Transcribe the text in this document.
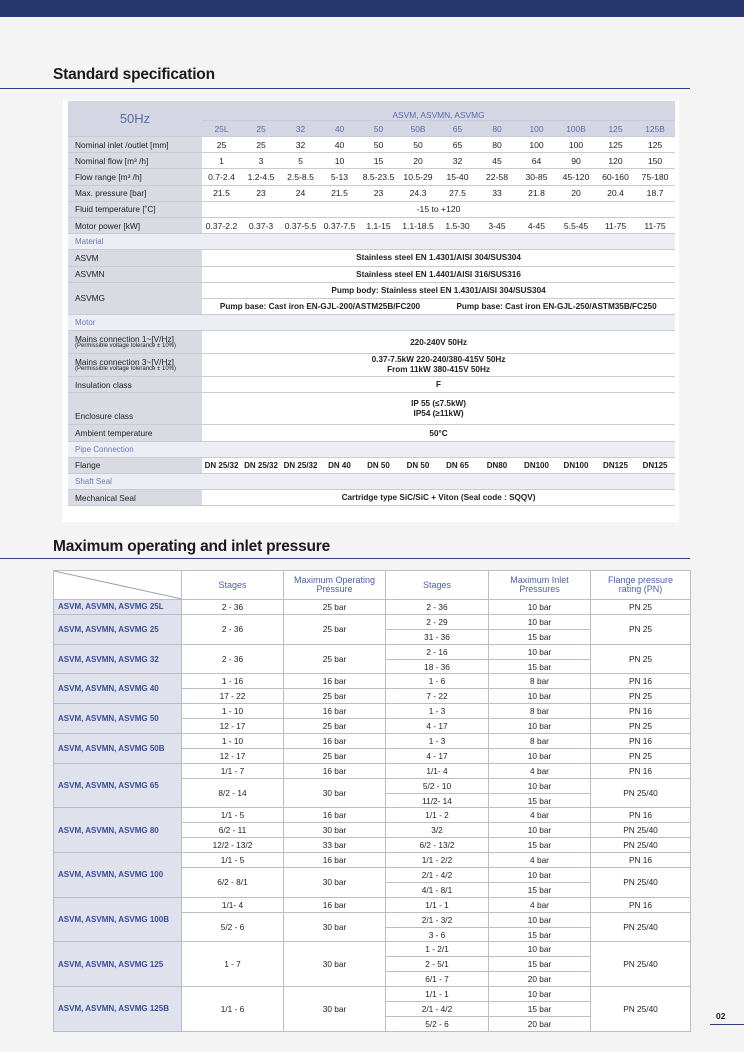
Standard specification
50Hz	ASVM, ASVMN, ASVMG											
	25L	25	32	40	50	50B	65	80	100	100B	125	125B
Nominal inlet /outlet [mm]	25	25	32	40	50	50	65	80	100	100	125	125
Nominal flow [m³ /h]	1	3	5	10	15	20	32	45	64	90	120	150
Flow range [m³ /h]	0.7-2.4	1.2-4.5	2.5-8.5	5-13	8.5-23.5	10.5-29	15-40	22-58	30-85	45-120	60-160	75-180
Max. pressure [bar]	21.5	23	24	21.5	23	24.3	27.5	33	21.8	20	20.4	18.7
Fluid temperature [˚C]	-15 to +120											
Motor power [kW]	0.37-2.2	0.37-3	0.37-5.5	0.37-7.5	1.1-15	1.1-18.5	1.5-30	3-45	4-45	5.5-45	11-75	11-75
Material												
ASVM	Stainless steel EN 1.4301/AISI 304/SUS304											
ASVMN	Stainless steel EN 1.4401/AISI 316/SUS316											
ASVMG	Pump body: Stainless steel EN 1.4301/AISI 304/SUS304											
	Pump base: Cast iron EN-GJL-200/ASTM25B/FC200						Pump base: Cast iron EN-GJL-250/ASTM35B/FC250					
Motor												
Mains connection 1~[V/Hz]
(Permissible voltage tolerance ± 10%)	220-240V 50Hz											
Mains connection 3~[V/Hz]
(Permissible voltage tolerance ± 10%)	0.37-7.5kW 220-240/380-415V 50Hz
From 11kW 380-415V 50Hz											
Insulation class	F											
Enclosure class	IP 55 (≤7.5kW)
IP54 (≥11kW)											
Ambient temperature	50°C											
Pipe Connection												
Flange	DN 25/32	DN 25/32	DN 25/32	DN 40	DN 50	DN 50	DN 65	DN80	DN100	DN100	DN125	DN125
Shaft Seal												
Mechanical Seal	Cartridge type SiC/SiC + Viton (Seal code : SQQV)											
Maximum operating and inlet pressure
	Stages	Maximum Operating
Pressure	Stages	Maximum Inlet
Pressures	Flange pressure
rating (PN)
ASVM, ASVMN, ASVMG 25L	2 - 36	25 bar	2 - 36	10 bar	PN 25
ASVM, ASVMN, ASVMG 25	2 - 36	25 bar	2 - 29	10 bar	PN 25
			31 - 36	15 bar	
ASVM, ASVMN, ASVMG 32	2 - 36	25 bar	2 - 16	10 bar	PN 25
			18 - 36	15 bar	
ASVM, ASVMN, ASVMG 40	1 - 16	16 bar	1 - 6	8 bar	PN 16
	17 - 22	25 bar	7 - 22	10 bar	PN 25
ASVM, ASVMN, ASVMG 50	1 - 10	16 bar	1 - 3	8 bar	PN 16
	12 - 17	25 bar	4 - 17	10 bar	PN 25
ASVM, ASVMN, ASVMG 50B	1 - 10	16 bar	1 - 3	8 bar	PN 16
	12 - 17	25 bar	4 - 17	10 bar	PN 25
ASVM, ASVMN, ASVMG 65	1/1 - 7	16 bar	1/1- 4	4 bar	PN 16
	8/2 - 14	30 bar	5/2 - 10	10 bar	PN 25/40
			11/2- 14	15 bar	
ASVM, ASVMN, ASVMG 80	1/1 - 5	16 bar	1/1 - 2	4 bar	PN 16
	6/2 - 11	30 bar	3/2	10 bar	PN 25/40
	12/2 - 13/2	33 bar	6/2 - 13/2	15 bar	PN 25/40
ASVM, ASVMN, ASVMG 100	1/1 - 5	16 bar	1/1 - 2/2	4 bar	PN 16
	6/2 - 8/1	30 bar	2/1 - 4/2	10 bar	PN 25/40
			4/1 - 8/1	15 bar	
ASVM, ASVMN, ASVMG 100B	1/1- 4	16 bar	1/1 - 1	4 bar	PN 16
	5/2 - 6	30 bar	2/1 - 3/2	10 bar	PN 25/40
			3 - 6	15 bar	
ASVM, ASVMN, ASVMG 125	1 - 7	30 bar	1 - 2/1	10 bar	PN 25/40
			2 - 5/1	15 bar	
			6/1 - 7	20 bar	
ASVM, ASVMN, ASVMG 125B	1/1 - 6	30 bar	1/1 - 1	10 bar	PN 25/40
			2/1 - 4/2	15 bar	
			5/2 - 6	20 bar	
02
